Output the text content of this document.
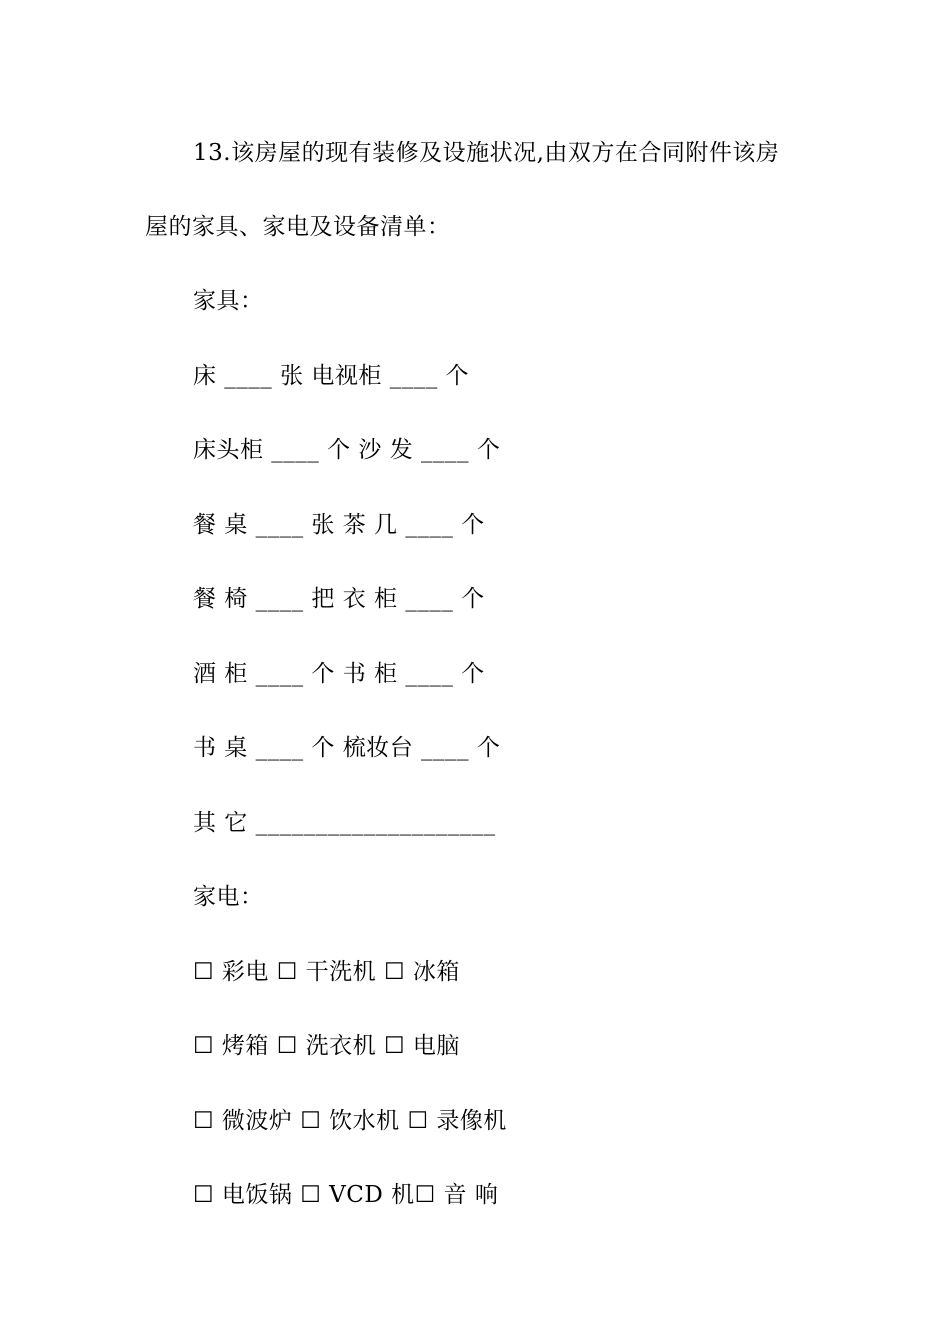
13.该房屋的现有装修及设施状况,由双方在合同附件该房
屋的家具、家电及设备清单：
家具：
床 ____ 张 电视柜 ____ 个
床头柜 ____ 个 沙 发 ____ 个
餐 桌 ____ 张 茶 几 ____ 个
餐 椅 ____ 把 衣 柜 ____ 个
酒 柜 ____ 个 书 柜 ____ 个
书 桌 ____ 个 梳妆台 ____ 个
其 它 ____________________
家电：
☐ 彩电 ☐ 干洗机 ☐ 冰箱
☐ 烤箱 ☐ 洗衣机 ☐ 电脑
☐ 微波炉 ☐ 饮水机 ☐ 录像机
☐ 电饭锅 ☐ VCD 机☐ 音 响
